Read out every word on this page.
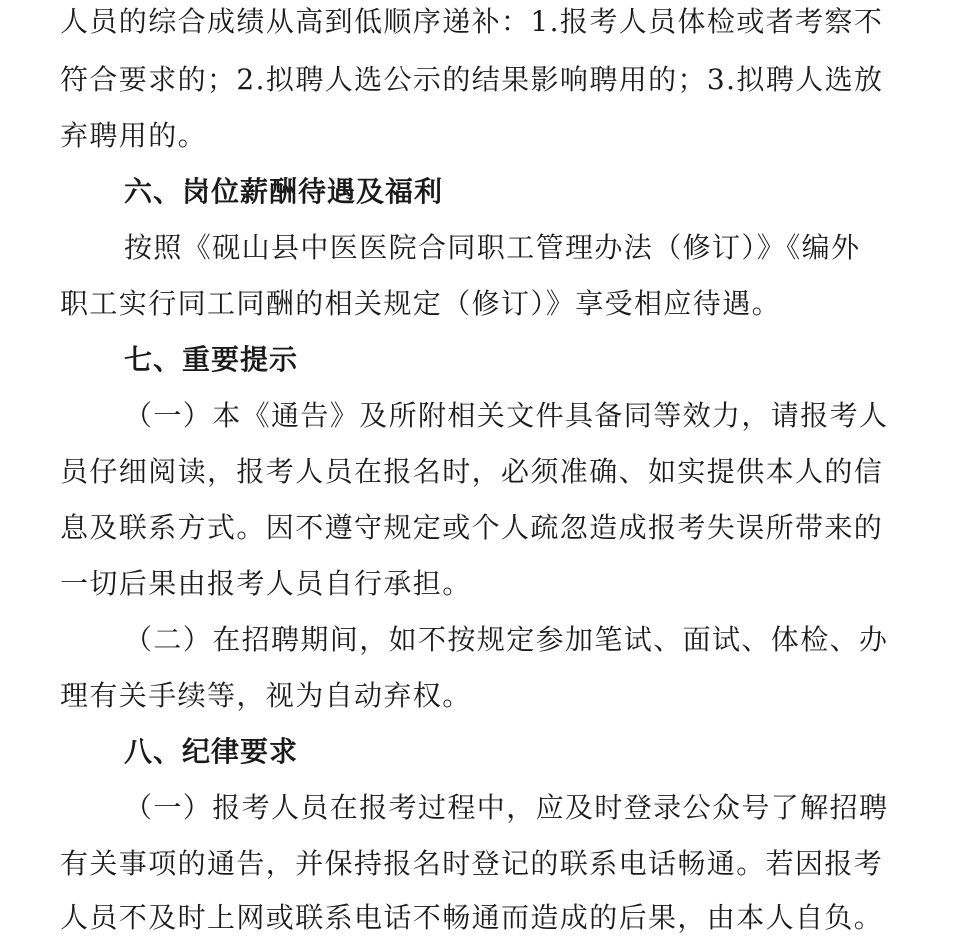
人员的综合成绩从高到低顺序递补：1.报考人员体检或者考察不
符合要求的；2.拟聘人选公示的结果影响聘用的；3.拟聘人选放
弃聘用的。
六、岗位薪酬待遇及福利
按照《砚山县中医医院合同职工管理办法（修订）》《编外
职工实行同工同酬的相关规定（修订）》享受相应待遇。
七、重要提示
（一）本《通告》及所附相关文件具备同等效力，请报考人
员仔细阅读，报考人员在报名时，必须准确、如实提供本人的信
息及联系方式。因不遵守规定或个人疏忽造成报考失误所带来的
一切后果由报考人员自行承担。
（二）在招聘期间，如不按规定参加笔试、面试、体检、办
理有关手续等，视为自动弃权。
八、纪律要求
（一）报考人员在报考过程中，应及时登录公众号了解招聘
有关事项的通告，并保持报名时登记的联系电话畅通。若因报考
人员不及时上网或联系电话不畅通而造成的后果，由本人自负。
